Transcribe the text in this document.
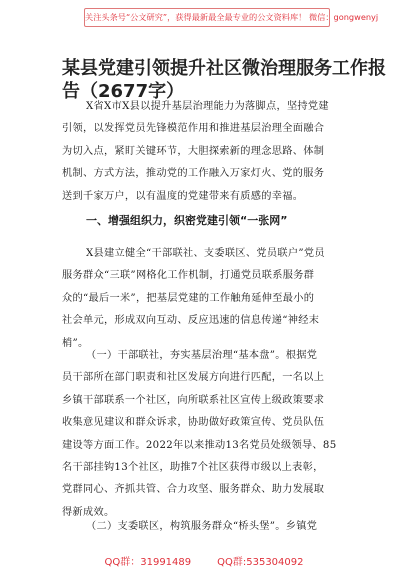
关注头条号“公文研究”，获得最新最全最专业的公文资料库！ 微信：gongwenyj
某县党建引领提升社区微治理服务工作报
告（2677字）
X省X市X县以提升基层治理能力为落脚点，坚持党建
引领，以发挥党员先锋模范作用和推进基层治理全面融合
为切入点，紧盯关键环节，大胆探索新的理念思路、体制
机制、方式方法，推动党的工作融入万家灯火、党的服务
送到千家万户，以有温度的党建带来有质感的幸福。
一、增强组织力，织密党建引领“一张网”
X县建立健全“干部联社、支委联区、党员联户”党员
服务群众“三联”网格化工作机制，打通党员联系服务群
众的“最后一米”，把基层党建的工作触角延伸至最小的
社会单元，形成双向互动、反应迅速的信息传递“神经末
梢”。
（一）干部联社，夯实基层治理“基本盘”。根据党
员干部所在部门职责和社区发展方向进行匹配，一名以上
乡镇干部联系一个社区，向所联系社区宣传上级政策要求
收集意见建议和群众诉求，协助做好政策宣传、党员队伍
建设等方面工作。2022年以来推动13名党员处级领导、85
名干部挂钩13个社区，助推7个社区获得市级以上表彰，
党群同心、齐抓共管、合力攻坚、服务群众、助力发展取
得新成效。
（二）支委联区，构筑服务群众“桥头堡”。乡镇党
QQ群：31991489	QQ群:535304092
